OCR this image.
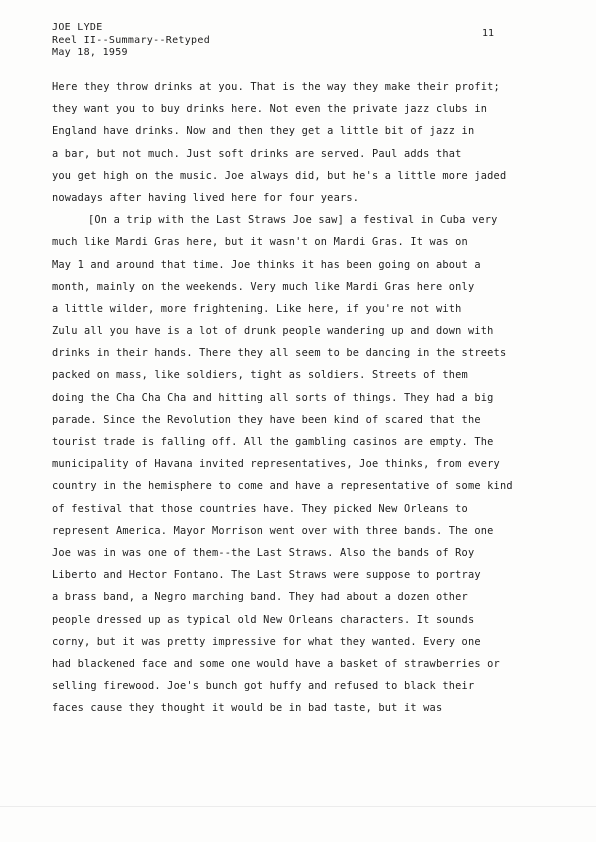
JOE LYDE
Reel II--Summary--Retyped
May 18, 1959
11
Here they throw drinks at you. That is the way they make their profit;
they want you to buy drinks here. Not even the private jazz clubs in
England have drinks. Now and then they get a little bit of jazz in
a bar, but not much. Just soft drinks are served. Paul adds that
you get high on the music. Joe always did, but he's a little more jaded
nowadays after having lived here for four years.
[On a trip with the Last Straws Joe saw] a festival in Cuba very
much like Mardi Gras here, but it wasn't on Mardi Gras. It was on
May 1 and around that time. Joe thinks it has been going on about a
month, mainly on the weekends. Very much like Mardi Gras here only
a little wilder, more frightening. Like here, if you're not with
Zulu all you have is a lot of drunk people wandering up and down with
drinks in their hands. There they all seem to be dancing in the streets
packed on mass, like soldiers, tight as soldiers. Streets of them
doing the Cha Cha Cha and hitting all sorts of things. They had a big
parade. Since the Revolution they have been kind of scared that the
tourist trade is falling off. All the gambling casinos are empty. The
municipality of Havana invited representatives, Joe thinks, from every
country in the hemisphere to come and have a representative of some kind
of festival that those countries have. They picked New Orleans to
represent America. Mayor Morrison went over with three bands. The one
Joe was in was one of them--the Last Straws. Also the bands of Roy
Liberto and Hector Fontano. The Last Straws were suppose to portray
a brass band, a Negro marching band. They had about a dozen other
people dressed up as typical old New Orleans characters. It sounds
corny, but it was pretty impressive for what they wanted. Every one
had blackened face and some one would have a basket of strawberries or
selling firewood. Joe's bunch got huffy and refused to black their
faces cause they thought it would be in bad taste, but it was
